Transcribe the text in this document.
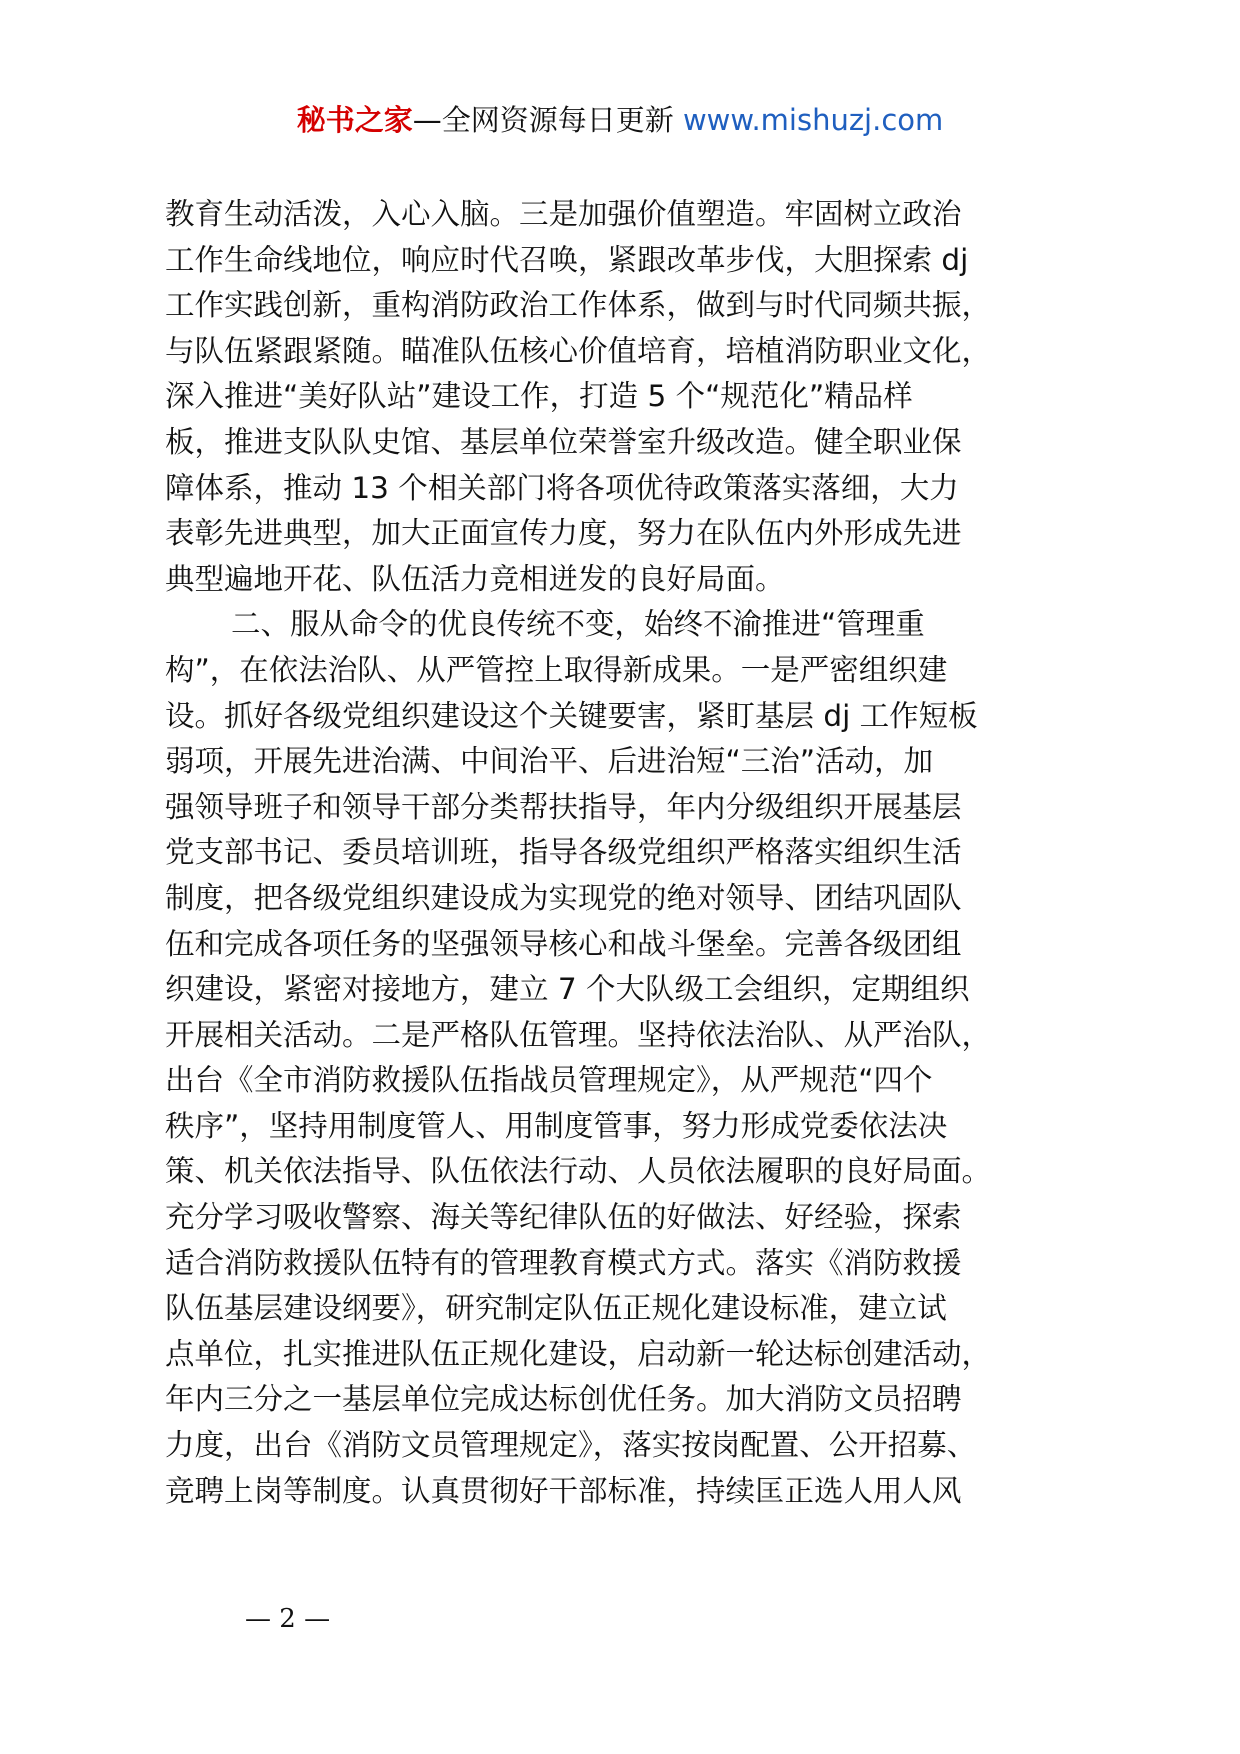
秘书之家—全网资源每日更新 www.mishuzj.com
教育生动活泼，入心入脑。三是加强价值塑造。牢固树立政治
工作生命线地位，响应时代召唤，紧跟改革步伐，大胆探索 dj
工作实践创新，重构消防政治工作体系，做到与时代同频共振，
与队伍紧跟紧随。瞄准队伍核心价值培育，培植消防职业文化，
深入推进“美好队站”建设工作，打造 5 个“规范化”精品样
板，推进支队队史馆、基层单位荣誉室升级改造。健全职业保
障体系，推动 13 个相关部门将各项优待政策落实落细，大力
表彰先进典型，加大正面宣传力度，努力在队伍内外形成先进
典型遍地开花、队伍活力竞相迸发的良好局面。
二、服从命令的优良传统不变，始终不渝推进“管理重
构”，在依法治队、从严管控上取得新成果。一是严密组织建
设。抓好各级党组织建设这个关键要害，紧盯基层 dj 工作短板
弱项，开展先进治满、中间治平、后进治短“三治”活动，加
强领导班子和领导干部分类帮扶指导，年内分级组织开展基层
党支部书记、委员培训班，指导各级党组织严格落实组织生活
制度，把各级党组织建设成为实现党的绝对领导、团结巩固队
伍和完成各项任务的坚强领导核心和战斗堡垒。完善各级团组
织建设，紧密对接地方，建立 7 个大队级工会组织，定期组织
开展相关活动。二是严格队伍管理。坚持依法治队、从严治队，
出台《全市消防救援队伍指战员管理规定》，从严规范“四个
秩序”，坚持用制度管人、用制度管事，努力形成党委依法决
策、机关依法指导、队伍依法行动、人员依法履职的良好局面。
充分学习吸收警察、海关等纪律队伍的好做法、好经验，探索
适合消防救援队伍特有的管理教育模式方式。落实《消防救援
队伍基层建设纲要》，研究制定队伍正规化建设标准，建立试
点单位，扎实推进队伍正规化建设，启动新一轮达标创建活动，
年内三分之一基层单位完成达标创优任务。加大消防文员招聘
力度，出台《消防文员管理规定》，落实按岗配置、公开招募、
竞聘上岗等制度。认真贯彻好干部标准，持续匡正选人用人风
— 2 —
